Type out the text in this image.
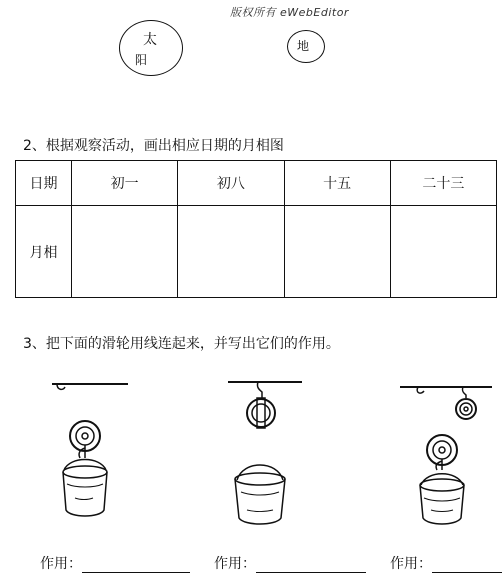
版权所有 eWebEditor
太
阳
地
2、根据观察活动，画出相应日期的月相图
日期	初一	初八	十五	二十三
月相				
3、把下面的滑轮用线连起来，并写出它们的作用。
作用：	作用：	作用：
